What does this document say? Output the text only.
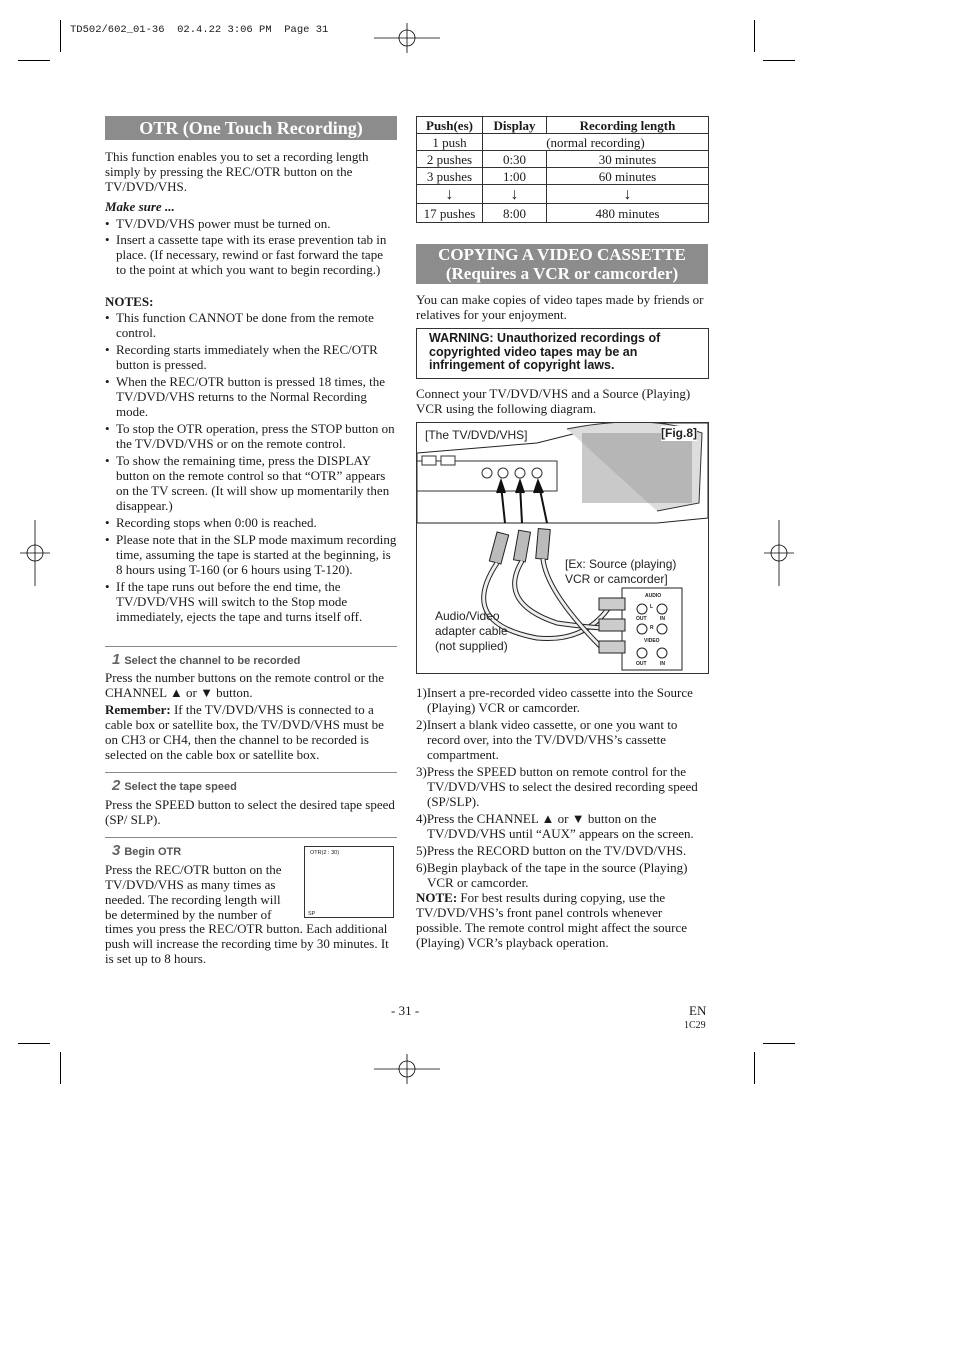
TD502/602_01-36  02.4.22 3:06 PM  Page 31
OTR (One Touch Recording)
This function enables you to set a recording length simply by pressing the REC/OTR button on the TV/DVD/VHS.
Make sure ...
• TV/DVD/VHS power must be turned on.
• Insert a cassette tape with its erase prevention tab in place. (If necessary, rewind or fast forward the tape to the point at which you want to begin recording.)
NOTES:
• This function CANNOT be done from the remote control.
• Recording starts immediately when the REC/OTR button is pressed.
• When the REC/OTR button is pressed 18 times, the TV/DVD/VHS returns to the Normal Recording mode.
• To stop the OTR operation, press the STOP button on the TV/DVD/VHS or on the remote control.
• To show the remaining time, press the DISPLAY button on the remote control so that “OTR” appears on the TV screen. (It will show up momentarily then disappear.)
• Recording stops when 0:00 is reached.
• Please note that in the SLP mode maximum recording time, assuming the tape is started at the beginning, is 8 hours using T-160 (or 6 hours using T-120).
• If the tape runs out before the end time, the TV/DVD/VHS will switch to the Stop mode immediately, ejects the tape and turns itself off.
1 Select the channel to be recorded
Press the number buttons on the remote control or the CHANNEL ▲ or ▼ button.
Remember: If the TV/DVD/VHS is connected to a cable box or satellite box, the TV/DVD/VHS must be on CH3 or CH4, then the channel to be recorded is selected on the cable box or satellite box.
2 Select the tape speed
Press the SPEED button to select the desired tape speed (SP/ SLP).
3 Begin OTR
Press the REC/OTR button on the TV/DVD/VHS as many times as needed. The recording length will be determined by the number of
times you press the REC/OTR button. Each additional push will increase the recording time by 30 minutes. It is set up to 8 hours.
OTR(2 : 30)
SP
Push(es)	Display	Recording length
1 push	(normal recording)	
2 pushes	0:30	30 minutes
3 pushes	1:00	60 minutes
↓	↓	↓
17 pushes	8:00	480 minutes
COPYING A VIDEO CASSETTE
(Requires a VCR or camcorder)
You can make copies of video tapes made by friends or relatives for your enjoyment.
WARNING: Unauthorized recordings of copyrighted video tapes may be an infringement of copyright laws.
Connect your TV/DVD/VHS and a Source (Playing) VCR using the following diagram.
AUDIO
L
R
OUT	IN
VIDEO
OUT	IN
[The TV/DVD/VHS]	[Fig.8]
[Ex: Source (playing) VCR or camcorder]
Audio/Video adapter cable (not supplied)
1)Insert a pre-recorded video cassette into the Source (Playing) VCR or camcorder.
2)Insert a blank video cassette, or one you want to record over, into the TV/DVD/VHS’s cassette compartment.
3)Press the SPEED button on remote control for the TV/DVD/VHS to select the desired recording speed (SP/SLP).
4)Press the CHANNEL ▲ or ▼ button on the TV/DVD/VHS until “AUX” appears on the screen.
5)Press the RECORD button on the TV/DVD/VHS.
6)Begin playback of the tape in the source (Playing) VCR or camcorder.
NOTE: For best results during copying, use the TV/DVD/VHS’s front panel controls whenever possible. The remote control might affect the source (Playing) VCR’s playback operation.
- 31 -	EN
1C29
